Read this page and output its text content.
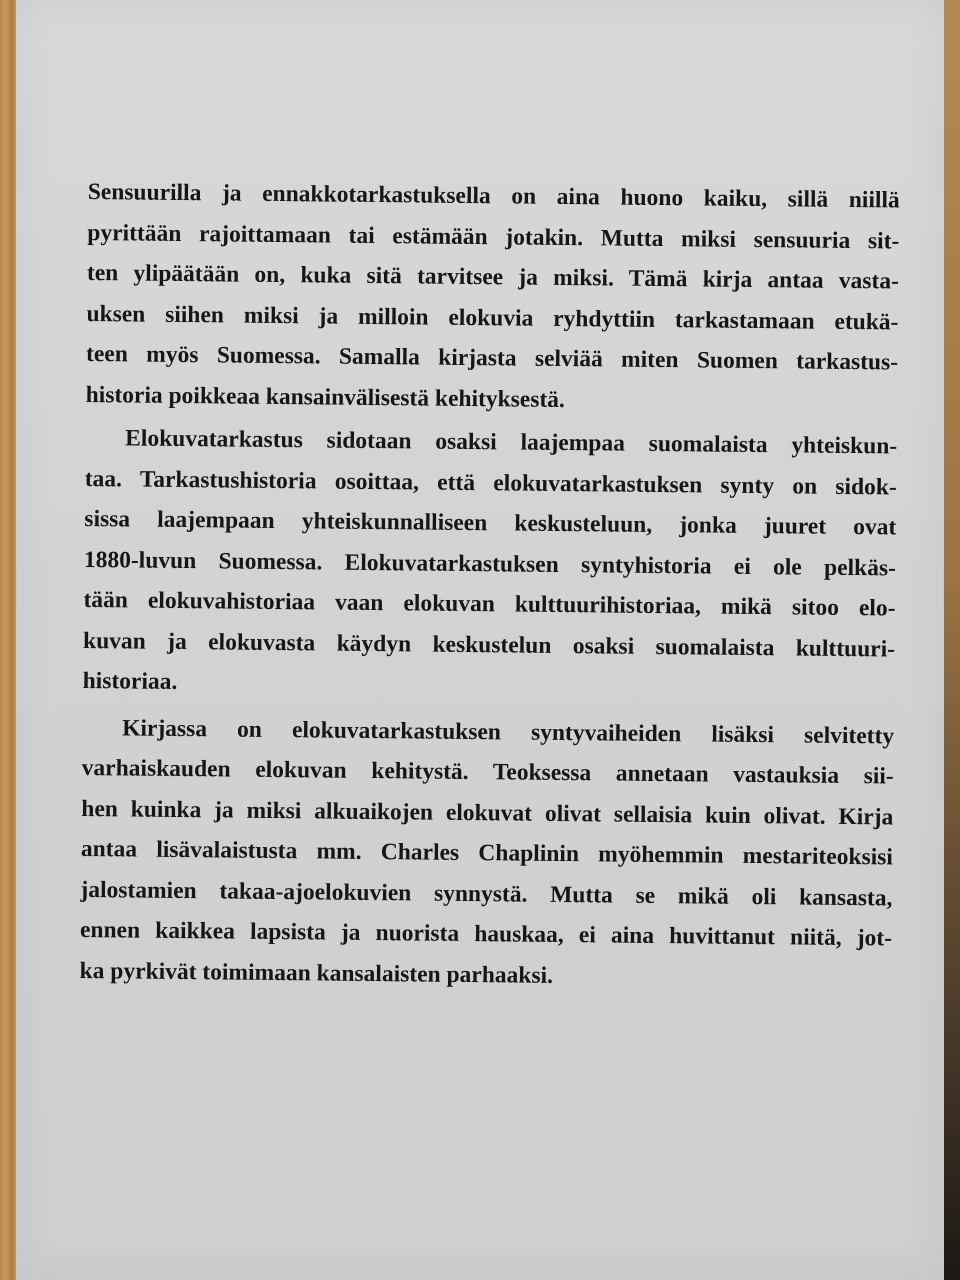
Sensuurilla ja ennakkotarkastuksella on aina huono kaiku, sillä niillä
pyrittään rajoittamaan tai estämään jotakin. Mutta miksi sensuuria sit-
ten ylipäätään on, kuka sitä tarvitsee ja miksi. Tämä kirja antaa vasta-
uksen siihen miksi ja milloin elokuvia ryhdyttiin tarkastamaan etukä-
teen myös Suomessa. Samalla kirjasta selviää miten Suomen tarkastus-
historia poikkeaa kansainvälisestä kehityksestä.

Elokuvatarkastus sidotaan osaksi laajempaa suomalaista yhteiskun-
taa. Tarkastushistoria osoittaa, että elokuvatarkastuksen synty on sidok-
sissa laajempaan yhteiskunnalliseen keskusteluun, jonka juuret ovat
1880-luvun Suomessa. Elokuvatarkastuksen syntyhistoria ei ole pelkäs-
tään elokuvahistoriaa vaan elokuvan kulttuurihistoriaa, mikä sitoo elo-
kuvan ja elokuvasta käydyn keskustelun osaksi suomalaista kulttuuri-
historiaa.

Kirjassa on elokuvatarkastuksen syntyvaiheiden lisäksi selvitetty
varhaiskauden elokuvan kehitystä. Teoksessa annetaan vastauksia sii-
hen kuinka ja miksi alkuaikojen elokuvat olivat sellaisia kuin olivat. Kirja
antaa lisävalaistusta mm. Charles Chaplinin myöhemmin mestariteoksisi
jalostamien takaa-ajoelokuvien synnystä. Mutta se mikä oli kansasta,
ennen kaikkea lapsista ja nuorista hauskaa, ei aina huvittanut niitä, jot-
ka pyrkivät toimimaan kansalaisten parhaaksi.
